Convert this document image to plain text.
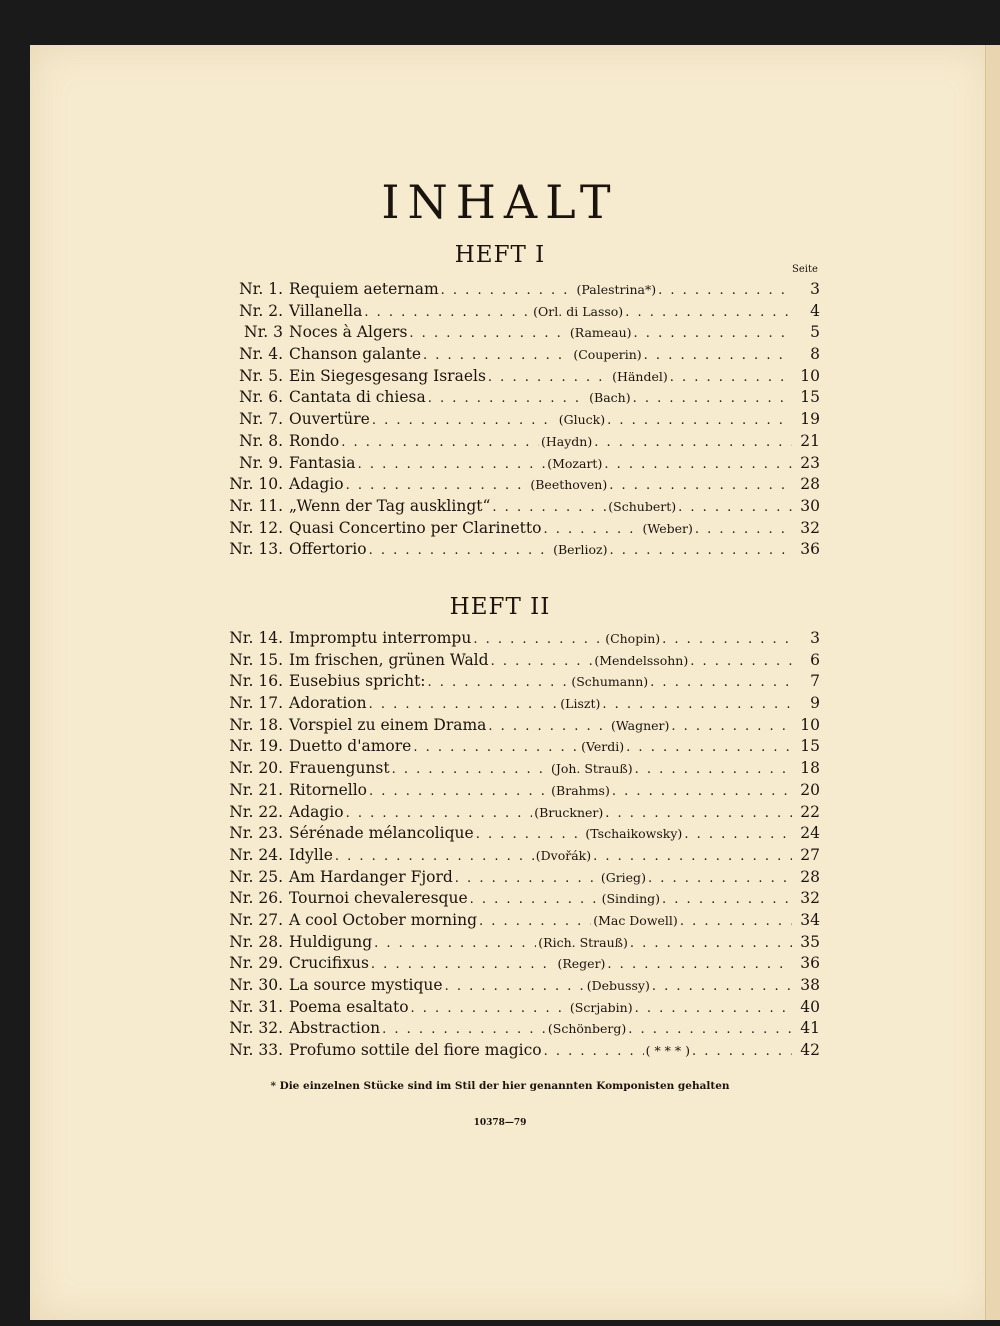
INHALT
HEFT I
Seite
Nr. 1. Requiem aeternam . . .	(Palestrina*) . . .	3
Nr. 2. Villanella . . .	(Orl. di Lasso) . . .	4
Nr. 3 Noces à Algers . . .	(Rameau) . . .	5
Nr. 4. Chanson galante . . .	(Couperin) . . .	8
Nr. 5. Ein Siegesgesang Israels . . .	(Händel) . . .	10
Nr. 6. Cantata di chiesa . . .	(Bach) . . .	15
Nr. 7. Ouvertüre . . .	(Gluck) . . .	19
Nr. 8. Rondo . . .	(Haydn) . . .	21
Nr. 9. Fantasia . . .	(Mozart) . . .	23
Nr. 10. Adagio . . .	(Beethoven) . . .	28
Nr. 11. „Wenn der Tag ausklingt“ . . .	(Schubert) . . .	30
Nr. 12. Quasi Concertino per Clarinetto . . .	(Weber) . . .	32
Nr. 13. Offertorio . . .	(Berlioz) . . .	36
HEFT II
Nr. 14. Impromptu interrompu . . .	(Chopin) . . .	3
Nr. 15. Im frischen, grünen Wald . . .	(Mendelssohn) . . .	6
Nr. 16. Eusebius spricht: . . .	(Schumann) . . .	7
Nr. 17. Adoration . . .	(Liszt) . . .	9
Nr. 18. Vorspiel zu einem Drama . . .	(Wagner) . . .	10
Nr. 19. Duetto d'amore . . .	(Verdi) . . .	15
Nr. 20. Frauengunst . . .	(Joh. Strauß) . . .	18
Nr. 21. Ritornello . . .	(Brahms) . . .	20
Nr. 22. Adagio . . .	(Bruckner) . . .	22
Nr. 23. Sérénade mélancolique . . .	(Tschaikowsky) . . .	24
Nr. 24. Idylle . . .	(Dvořák) . . .	27
Nr. 25. Am Hardanger Fjord . . .	(Grieg) . . .	28
Nr. 26. Tournoi chevaleresque . . .	(Sinding) . . .	32
Nr. 27. A cool October morning . . .	(Mac Dowell) . . .	34
Nr. 28. Huldigung . . .	(Rich. Strauß) . . .	35
Nr. 29. Crucifixus . . .	(Reger) . . .	36
Nr. 30. La source mystique . . .	(Debussy) . . .	38
Nr. 31. Poema esaltato . . .	(Scrjabin) . . .	40
Nr. 32. Abstraction . . .	(Schönberg) . . .	41
Nr. 33. Profumo sottile del fiore magico . . .	( * * * ) . . .	42
* Die einzelnen Stücke sind im Stil der hier genannten Komponisten gehalten
10378—79
